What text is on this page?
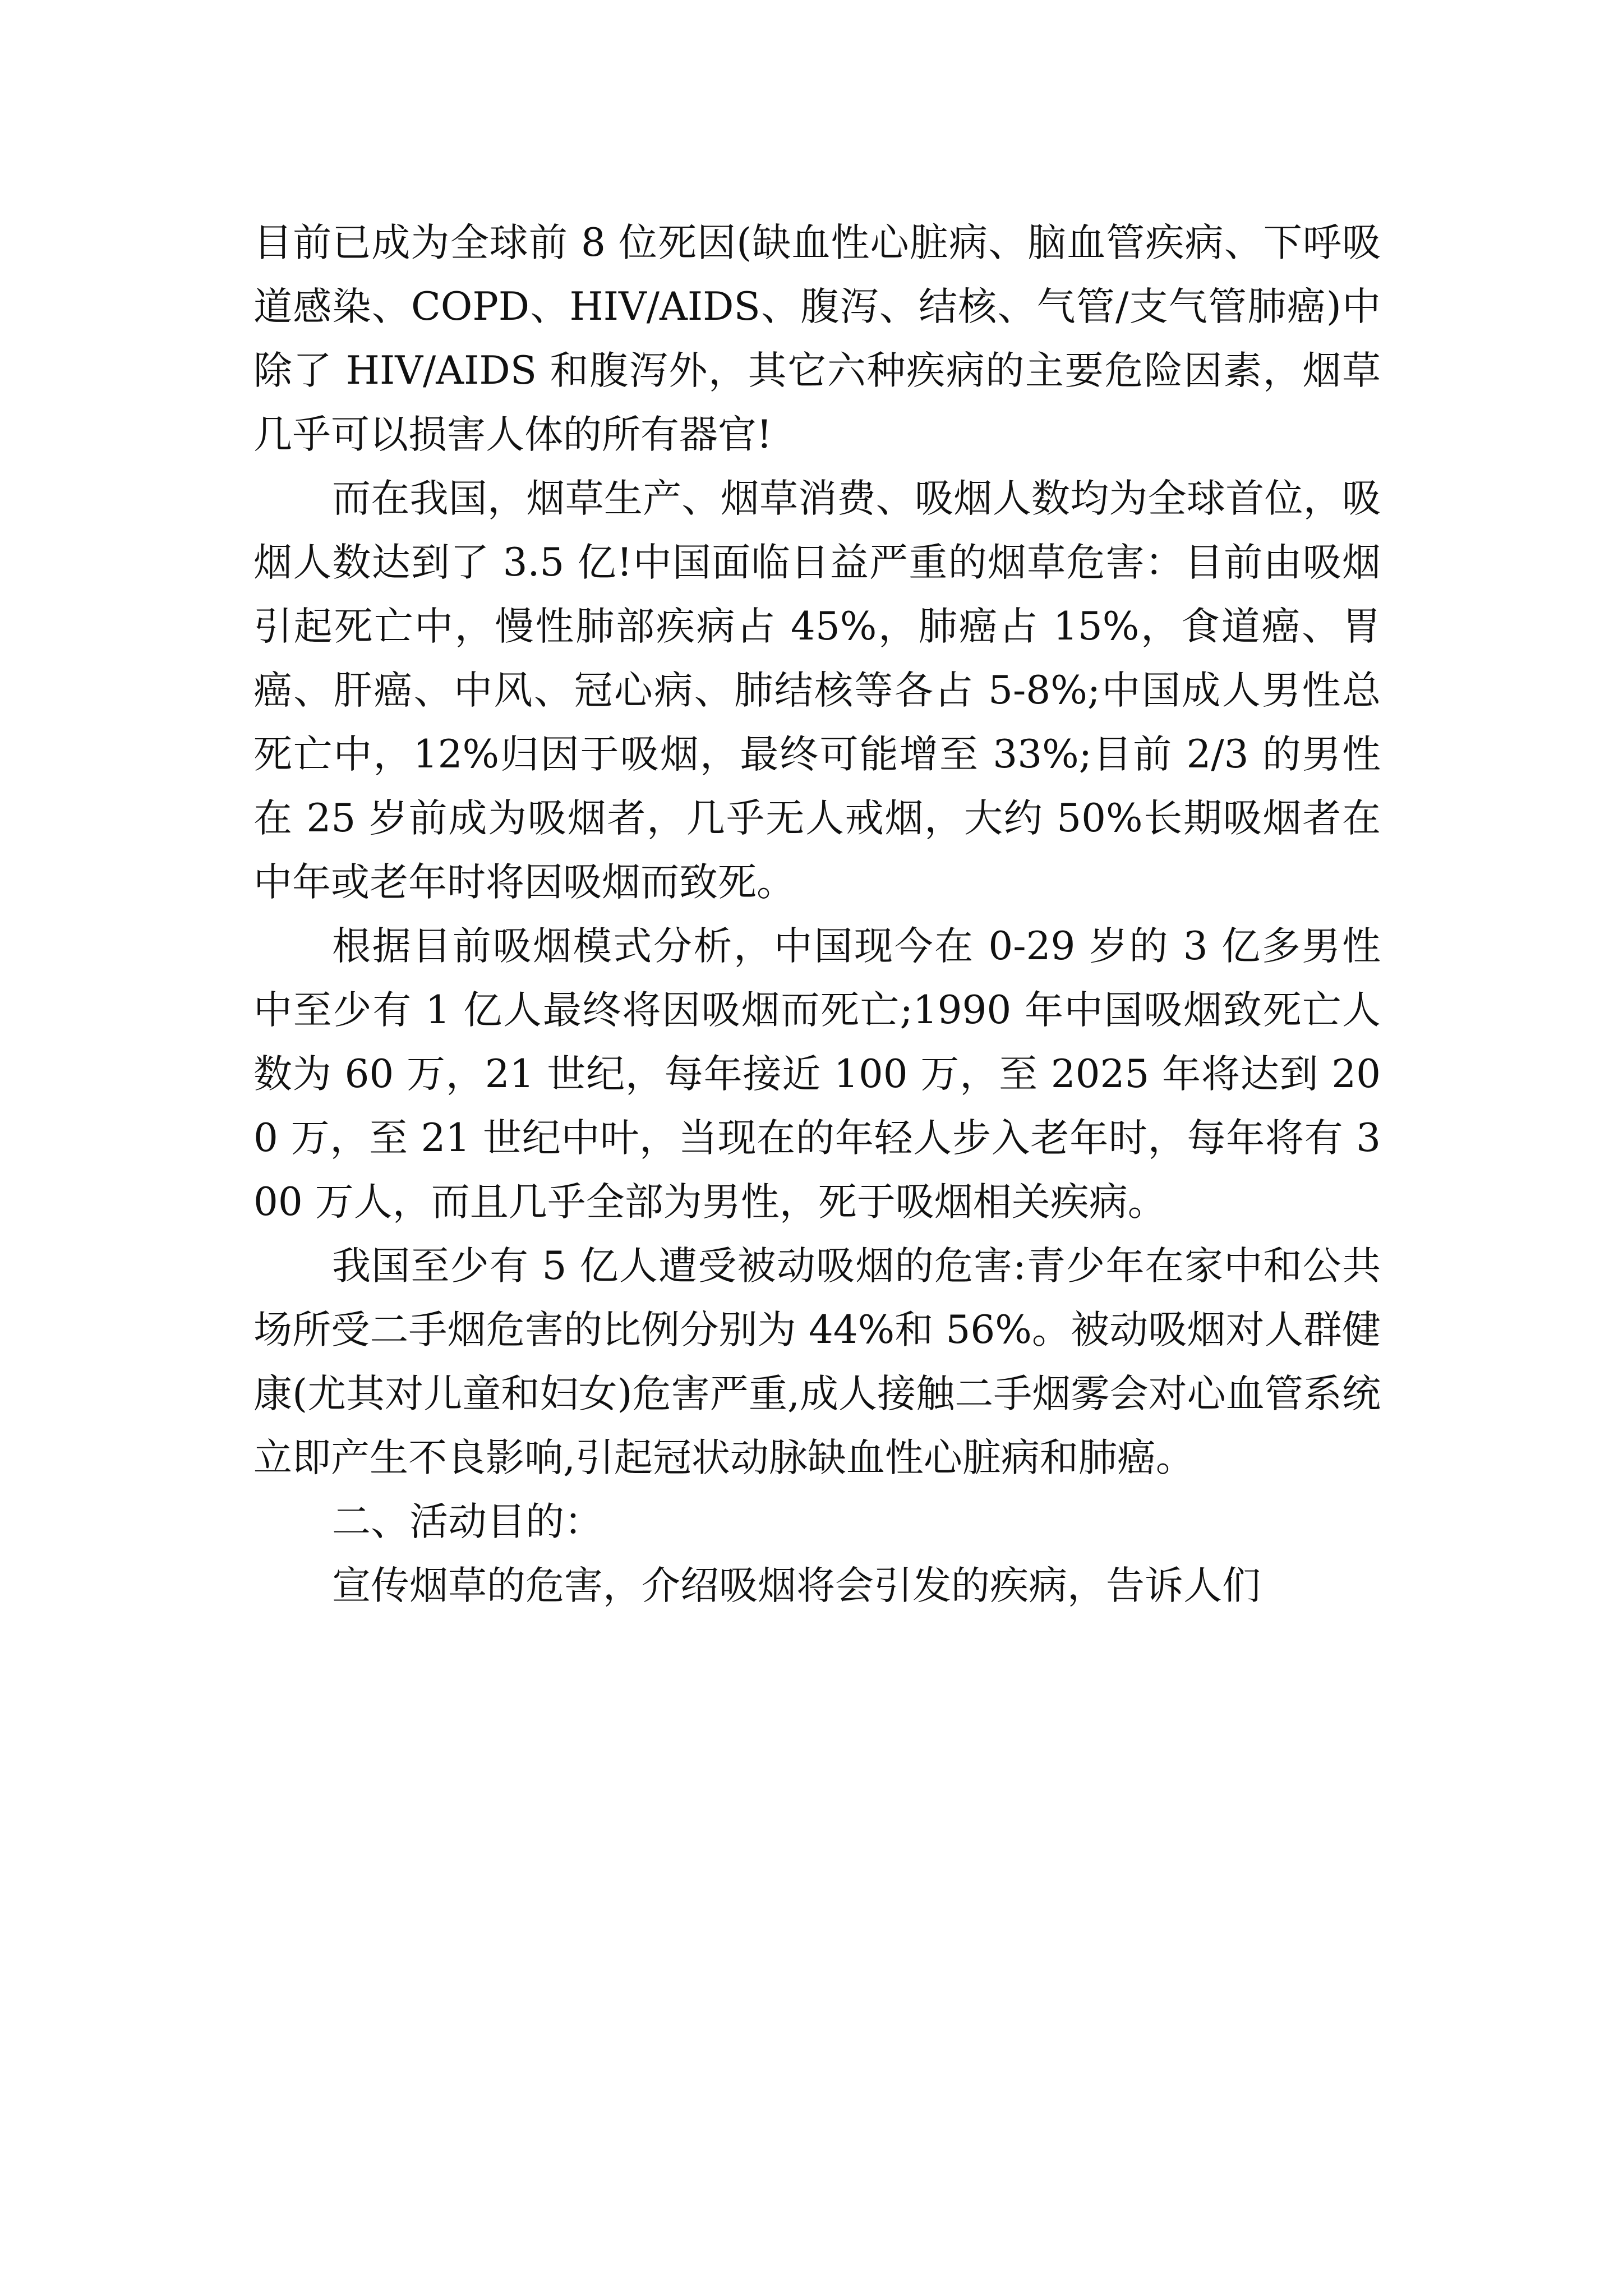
目前已成为全球前 8 位死因(缺血性心脏病、脑血管疾病、下呼吸道感染、COPD、HIV/AIDS、腹泻、结核、气管/支气管肺癌)中除了 HIV/AIDS 和腹泻外，其它六种疾病的主要危险因素，烟草几乎可以损害人体的所有器官!

而在我国，烟草生产、烟草消费、吸烟人数均为全球首位，吸烟人数达到了 3.5 亿!中国面临日益严重的烟草危害：目前由吸烟引起死亡中，慢性肺部疾病占 45%，肺癌占 15%，食道癌、胃癌、肝癌、中风、冠心病、肺结核等各占 5-8%;中国成人男性总死亡中，12%归因于吸烟，最终可能增至 33%;目前 2/3 的男性在 25 岁前成为吸烟者，几乎无人戒烟，大约 50%长期吸烟者在中年或老年时将因吸烟而致死。

根据目前吸烟模式分析，中国现今在 0-29 岁的 3 亿多男性中至少有 1 亿人最终将因吸烟而死亡;1990 年中国吸烟致死亡人数为 60 万，21 世纪，每年接近 100 万，至 2025 年将达到 200 万，至 21 世纪中叶，当现在的年轻人步入老年时，每年将有 300 万人，而且几乎全部为男性，死于吸烟相关疾病。

我国至少有 5 亿人遭受被动吸烟的危害:青少年在家中和公共场所受二手烟危害的比例分别为 44%和 56%。被动吸烟对人群健康(尤其对儿童和妇女)危害严重,成人接触二手烟雾会对心血管系统立即产生不良影响,引起冠状动脉缺血性心脏病和肺癌。

二、活动目的：

宣传烟草的危害，介绍吸烟将会引发的疾病，告诉人们
